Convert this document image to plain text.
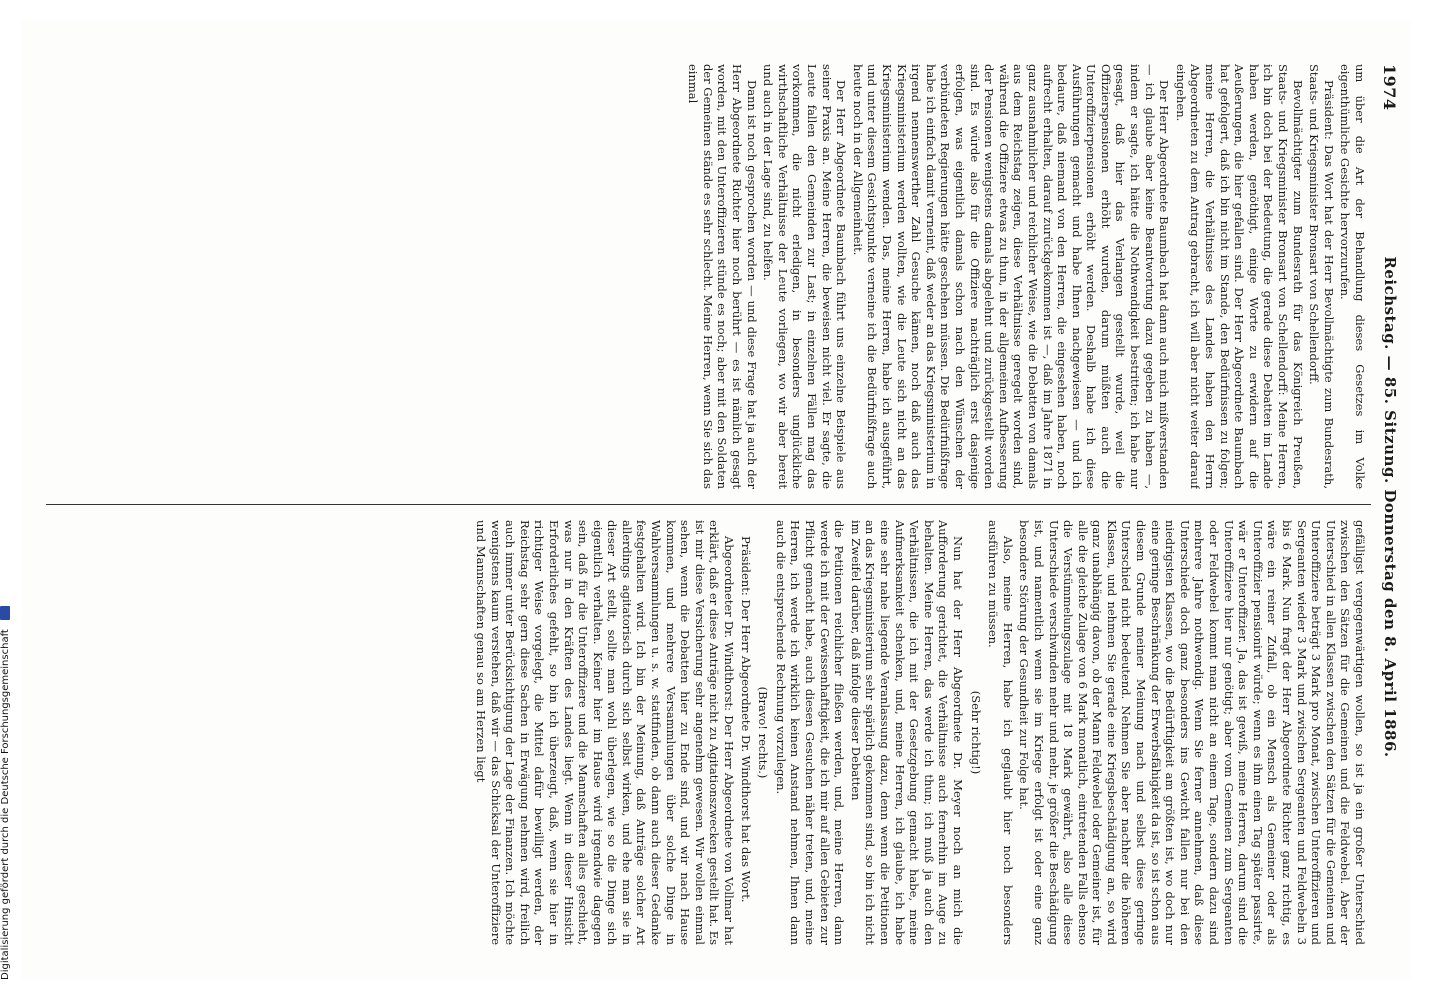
1974
Reichstag. — 85. Sitzung. Donnerstag den 8. April 1886.

um über die Art der Behandlung dieses Gesetzes im Volke eigenthümliche Gesichte hervorzurufen.

Präsident: Das Wort hat der Herr Bevollmächtigte zum Bundesrath, Staats- und Kriegsminister Bronsart von Schellendorff.

Bevollmächtigter zum Bundesrath für das Königreich Preußen, Staats- und Kriegsminister Bronsart von Schellendorff: Meine Herren, ich bin doch bei der Bedeutung, die gerade diese Debatten im Lande haben werden, genöthigt, einige Worte zu erwidern auf die Aeußerungen, die hier gefallen sind. Der Herr Abgeordnete Baumbach hat gefolgert, daß ich bin nicht im Stande, den Bedürfnissen zu folgen; meine Herren, die Verhältnisse des Landes haben den Herrn Abgeordneten zu dem Antrag gebracht, ich will aber nicht weiter darauf eingehen.

Der Herr Abgeordnete Baumbach hat dann auch mich mißverstanden — ich glaube aber keine Beantwortung dazu gegeben zu haben —, indem er sagte, ich hätte die Nothwendigkeit bestritten; ich habe nur gesagt, daß hier das Verlangen gestellt wurde, weil die Offizierspensionen erhöht wurden, darum müßten auch die Unteroffizierpensionen erhöht werden. Deshalb habe ich diese Ausführungen gemacht und habe Ihnen nachgewiesen — und ich bedaure, daß niemand von den Herren, die eingesehen haben, noch aufrecht erhalten, darauf zurückgekommen ist —, daß im Jahre 1871 in ganz ausnahmlicher und reichlicher Weise, wie die Debatten von damals aus dem Reichstag zeigen, diese Verhältnisse geregelt worden sind, während die Offiziere etwas zu thun, in der allgemeinen Aufbesserung der Pensionen wenigstens damals abgelehnt und zurückgestellt worden sind. Es würde also für die Offiziere nachträglich erst dasjenige erfolgen, was eigentlich damals schon nach den Wünschen der verbündeten Regierungen hätte geschehen müssen. Die Bedürfnißfrage habe ich einfach damit verneint, daß weder an das Kriegsministerium in irgend nennenswerther Zahl Gesuche kämen, noch daß auch das Kriegsministerium werden wollten, wie die Leute sich nicht an das Kriegsministerium wenden. Das, meine Herren, habe ich ausgeführt, und unter diesem Gesichtspunkte verneine ich die Bedürfnißfrage auch heute noch in der Allgemeinheit.

Der Herr Abgeordnete Baumbach führt uns einzelne Beispiele aus seiner Praxis an. Meine Herren, die beweisen nicht viel. Er sagte, die Leute fallen den Gemeinden zur Last; in einzelnen Fällen mag das vorkommen, die nicht erledigen, in besonders unglückliche wirthschaftliche Verhältnisse der Leute vorliegen, wo wir aber bereit und auch in der Lage sind, zu helfen.

Dann ist noch gesprochen worden — und diese Frage hat ja auch der Herr Abgeordnete Richter hier noch berührt — es ist nämlich gesagt worden, mit den Unteroffizieren stünde es noch; aber mit den Soldaten der Gemeinen stände es sehr schlecht. Meine Herren, wenn Sie sich das einmal

gefälligst vergegenwärtigen wollen, so ist ja ein großer Unterschied zwischen den Sätzen für die Gemeinen und die Feldwebel. Aber der Unterschied in allen Klassen zwischen den Sätzen für die Gemeinen und Unteroffiziere beträgt 3 Mark pro Monat, zwischen Unteroffizieren und Sergeanten wieder 3 Mark und zwischen Sergeanten und Feldwebeln 3 bis 6 Mark. Nun fragt der Herr Abgeordnete Richter ganz richtig, es wäre ein reiner Zufall, ob ein Mensch als Gemeiner oder als Unteroffizier pensionirt würde; wenn es ihm einen Tag später passirte, wär er Unteroffizier. Ja, das ist gewiß, meine Herren, darum sind die Unteroffiziere hier nur genötigt; aber vom Gemeinen zum Sergeanten oder Feldwebel kommt man nicht an einem Tage, sondern dazu sind mehrere Jahre nothwendig. Wenn Sie ferner annehmen, daß diese Unterschiede doch ganz besonders ins Gewicht fallen nur bei den niedrigsten Klassen, wo die Bedürftigkeit am größten ist, wo doch nur eine geringe Beschränkung der Erwerbsfähigkeit da ist, so ist schon aus diesem Grunde meiner Meinung nach und selbst diese geringe Unterschied nicht bedeutend. Nehmen Sie aber nachher die höheren Klassen, und nehmen Sie gerade eine Kriegsbeschädigung an, so wird ganz unabhängig davon, ob der Mann Feldwebel oder Gemeiner ist, für alle die gleiche Zulage von 6 Mark monatlich, eintretenden Falls ebenso die Verstümmelungszulage mit 18 Mark gewährt, also alle diese Unterschiede verschwinden mehr und mehr, je größer die Beschädigung ist, und namentlich wenn sie im Kriege erfolgt ist oder eine ganz besondere Störung der Gesundheit zur Folge hat.

Also, meine Herren, habe ich geglaubt hier noch besonders ausführen zu müssen.

(Sehr richtig!)

Nun hat der Herr Abgeordnete Dr. Meyer noch an mich die Aufforderung gerichtet, die Verhältnisse auch fernerhin im Auge zu behalten. Meine Herren, das werde ich thun; ich muß ja auch den Verhältnissen, die ich mit der Gesetzgebung gemacht habe, meine Aufmerksamkeit schenken, und, meine Herren, ich glaube, ich habe eine sehr nahe liegende Veranlassung dazu, denn wenn die Petitionen an das Kriegsministerium sehr spärlich gekommen sind, so bin ich nicht im Zweifel darüber, daß infolge dieser Debatten

die Petitionen reichlicher fließen werden, und, meine Herren, dann werde ich mit der Gewissenhaftigkeit, die ich mir auf allen Gebieten zur Pflicht gemacht habe, auch diesen Gesuchen näher treten, und, meine Herren, ich werde ich wirklich keinen Anstand nehmen, Ihnen dann auch die entsprechende Rechnung vorzulegen.

(Bravo! rechts.)

Präsident: Der Herr Abgeordnete Dr. Windthorst hat das Wort.

Abgeordneter Dr. Windthorst: Der Herr Abgeordnete von Vollmar hat erklärt, daß er diese Anträge nicht zu Agitationszwecken gestellt hat. Es ist mir diese Versicherung sehr angenehm gewesen. Wir wollen einmal sehen, wenn die Debatten hier zu Ende sind, und wir nach Hause kommen, und mehrere Versammlungen über solche Dinge in Wahlversammlungen u. s. w. stattfinden, ob dann auch dieser Gedanke festgehalten wird. Ich bin der Meinung, daß Anträge solcher Art allerdings agitatorisch durch sich selbst wirken, und ehe man sie in dieser Art stellt, sollte man wohl überlegen, wie so die Dinge sich eigentlich verhalten. Keiner hier im Hause wird irgendwie dagegen sein, daß für die Unteroffiziere und die Mannschaften alles geschieht, was nur in den Kräften des Landes liegt. Wenn in dieser Hinsicht Erforderliches gefehlt, so bin ich überzeugt, daß, wenn sie hier in richtiger Weise vorgelegt, die Mittel dafür bewilligt werden, der Reichstag sehr gern diese Sachen in Erwägung nehmen wird, freilich auch immer unter Berücksichtigung der Lage der Finanzen. Ich möchte wenigstens kaum verstehen, daß wir — das Schicksal der Unteroffiziere und Mannschaften genau so am Herzen liegt

Digitalisierung gefördert durch die Deutsche Forschungsgemeinschaft
